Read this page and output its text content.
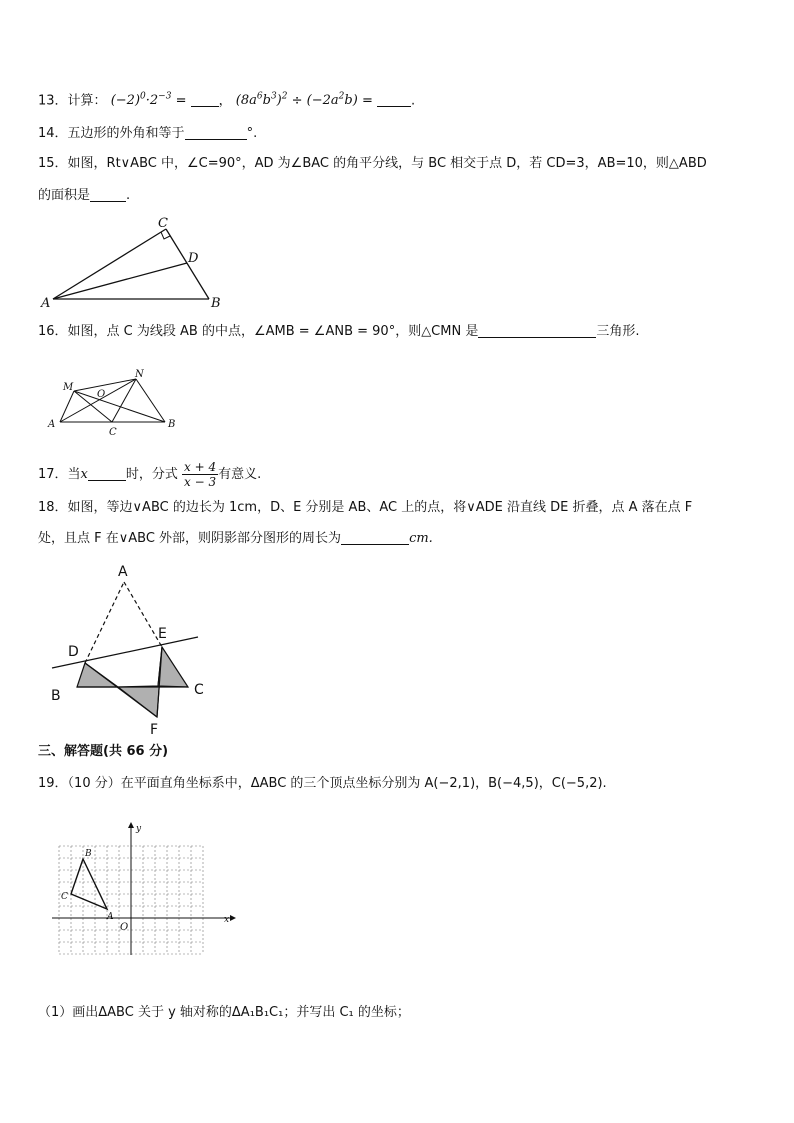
13．计算： $(-2)^0\cdot 2^{-3}$ = ， $(8a^6b^3)^2 \div (-2a^2b)$ =	.
14．五边形的外角和等于	°.
15．如图，Rt∨ABC 中，∠C=90°，AD 为∠BAC 的角平分线，与 BC 相交于点 D，若 CD=3，AB=10，则△ABD
的面积是	.
A	B
C
D
16．如图，点 C 为线段 AB 的中点，∠AMB = ∠ANB = 90°，则△CMN 是	三角形.
A	B
C
M
N
O
17．当x	时，分式 $\frac{x + 4}{x - 3}$ 有意义.
18．如图，等边∨ABC 的边长为 1cm，D、E 分别是 AB、AC 上的点，将∨ADE 沿直线 DE 折叠，点 A 落在点 F
处，且点 F 在∨ABC 外部，则阴影部分图形的周长为	cm.
A
B	C
D
E
F
三、解答题(共 66 分)
19．（10 分）在平面直角坐标系中，ΔABC 的三个顶点坐标分别为 A(−2,1)，B(−4,5)，C(−5,2).
x
y
O
A
B
C
（1）画出ΔABC 关于 y 轴对称的ΔA₁B₁C₁；并写出 C₁ 的坐标；
